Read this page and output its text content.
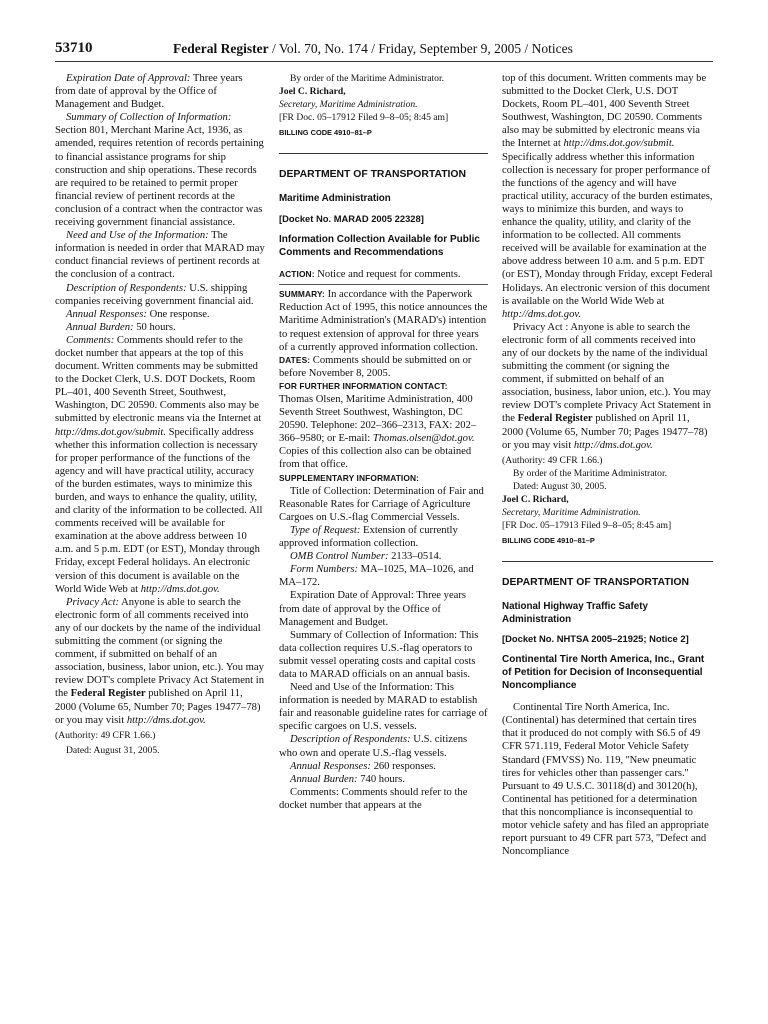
53710	Federal Register / Vol. 70, No. 174 / Friday, September 9, 2005 / Notices

Expiration Date of Approval: Three years from date of approval by the Office of Management and Budget.

Summary of Collection of Information: Section 801, Merchant Marine Act, 1936, as amended, requires retention of records pertaining to financial assistance programs for ship construction and ship operations. These records are required to be retained to permit proper financial review of pertinent records at the conclusion of a contract when the contractor was receiving government financial assistance.

Need and Use of the Information: The information is needed in order that MARAD may conduct financial reviews of pertinent records at the conclusion of a contract.

Description of Respondents: U.S. shipping companies receiving government financial aid.

Annual Responses: One response.

Annual Burden: 50 hours.

Comments: Comments should refer to the docket number that appears at the top of this document. Written comments may be submitted to the Docket Clerk, U.S. DOT Dockets, Room PL–401, 400 Seventh Street, Southwest, Washington, DC 20590. Comments also may be submitted by electronic means via the Internet at http://dms.dot.gov/submit. Specifically address whether this information collection is necessary for proper performance of the functions of the agency and will have practical utility, accuracy of the burden estimates, ways to minimize this burden, and ways to enhance the quality, utility, and clarity of the information to be collected. All comments received will be available for examination at the above address between 10 a.m. and 5 p.m. EDT (or EST), Monday through Friday, except Federal holidays. An electronic version of this document is available on the World Wide Web at http://dms.dot.gov.

Privacy Act: Anyone is able to search the electronic form of all comments received into any of our dockets by the name of the individual submitting the comment (or signing the comment, if submitted on behalf of an association, business, labor union, etc.). You may review DOT's complete Privacy Act Statement in the Federal Register published on April 11, 2000 (Volume 65, Number 70; Pages 19477–78) or you may visit http://dms.dot.gov.

(Authority: 49 CFR 1.66.)

Dated: August 31, 2005.

By order of the Maritime Administrator.

Joel C. Richard,

Secretary, Maritime Administration.

[FR Doc. 05–17912 Filed 9–8–05; 8:45 am]

BILLING CODE 4910–81–P

DEPARTMENT OF TRANSPORTATION
Maritime Administration
[Docket No. MARAD 2005 22328]
Information Collection Available for Public Comments and Recommendations

ACTION: Notice and request for comments.

SUMMARY: In accordance with the Paperwork Reduction Act of 1995, this notice announces the Maritime Administration's (MARAD's) intention to request extension of approval for three years of a currently approved information collection.

DATES: Comments should be submitted on or before November 8, 2005.

FOR FURTHER INFORMATION CONTACT:

Thomas Olsen, Maritime Administration, 400 Seventh Street Southwest, Washington, DC 20590. Telephone: 202–366–2313, FAX: 202–366–9580; or E-mail: Thomas.olsen@dot.gov. Copies of this collection also can be obtained from that office.

SUPPLEMENTARY INFORMATION:

Title of Collection: Determination of Fair and Reasonable Rates for Carriage of Agriculture Cargoes on U.S.-flag Commercial Vessels.

Type of Request: Extension of currently approved information collection.

OMB Control Number: 2133–0514.

Form Numbers: MA–1025, MA–1026, and MA–172.

Expiration Date of Approval: Three years from date of approval by the Office of Management and Budget.

Summary of Collection of Information: This data collection requires U.S.-flag operators to submit vessel operating costs and capital costs data to MARAD officials on an annual basis.

Need and Use of the Information: This information is needed by MARAD to establish fair and reasonable guideline rates for carriage of specific cargoes on U.S. vessels.

Description of Respondents: U.S. citizens who own and operate U.S.-flag vessels.

Annual Responses: 260 responses.

Annual Burden: 740 hours.

Comments: Comments should refer to the docket number that appears at the

top of this document. Written comments may be submitted to the Docket Clerk, U.S. DOT Dockets, Room PL–401, 400 Seventh Street Southwest, Washington, DC 20590. Comments also may be submitted by electronic means via the Internet at http://dms.dot.gov/submit. Specifically address whether this information collection is necessary for proper performance of the functions of the agency and will have practical utility, accuracy of the burden estimates, ways to minimize this burden, and ways to enhance the quality, utility, and clarity of the information to be collected. All comments received will be available for examination at the above address between 10 a.m. and 5 p.m. EDT (or EST), Monday through Friday, except Federal Holidays. An electronic version of this document is available on the World Wide Web at http://dms.dot.gov.

Privacy Act : Anyone is able to search the electronic form of all comments received into any of our dockets by the name of the individual submitting the comment (or signing the comment, if submitted on behalf of an association, business, labor union, etc.). You may review DOT's complete Privacy Act Statement in the Federal Register published on April 11, 2000 (Volume 65, Number 70; Pages 19477–78) or you may visit http://dms.dot.gov.

(Authority: 49 CFR 1.66.)

By order of the Maritime Administrator.

Dated: August 30, 2005.

Joel C. Richard,

Secretary, Maritime Administration.

[FR Doc. 05–17913 Filed 9–8–05; 8:45 am]

BILLING CODE 4910–81–P

DEPARTMENT OF TRANSPORTATION
National Highway Traffic Safety Administration
[Docket No. NHTSA 2005–21925; Notice 2]
Continental Tire North America, Inc., Grant of Petition for Decision of Inconsequential Noncompliance

Continental Tire North America, Inc. (Continental) has determined that certain tires that it produced do not comply with S6.5 of 49 CFR 571.119, Federal Motor Vehicle Safety Standard (FMVSS) No. 119, ''New pneumatic tires for vehicles other than passenger cars.'' Pursuant to 49 U.S.C. 30118(d) and 30120(h), Continental has petitioned for a determination that this noncompliance is inconsequential to motor vehicle safety and has filed an appropriate report pursuant to 49 CFR part 573, ''Defect and Noncompliance
